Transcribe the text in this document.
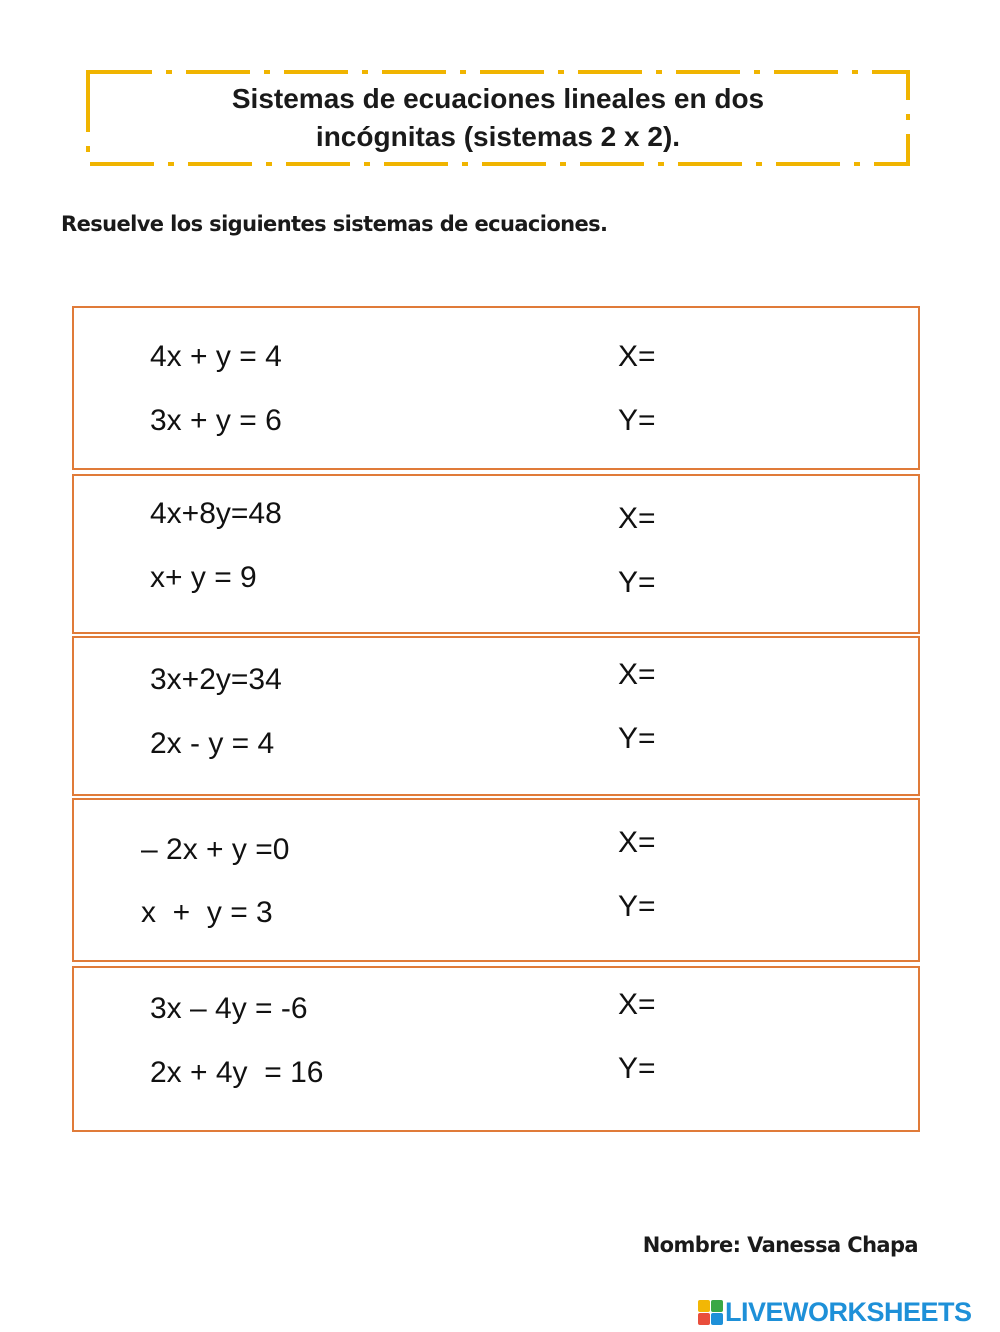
Sistemas de ecuaciones lineales en dos
incógnitas (sistemas 2 x 2).
Resuelve los siguientes sistemas de ecuaciones.
4x + y = 4
3x + y = 6
X=
Y=
4x+8y=48
x+ y = 9
X=
Y=
3x+2y=34
2x - y = 4
X=
Y=
– 2x + y =0
x  +  y = 3
X=
Y=
3x – 4y = -6
2x + 4y  = 16
X=
Y=
Nombre: Vanessa Chapa
LIVEWORKSHEETS
